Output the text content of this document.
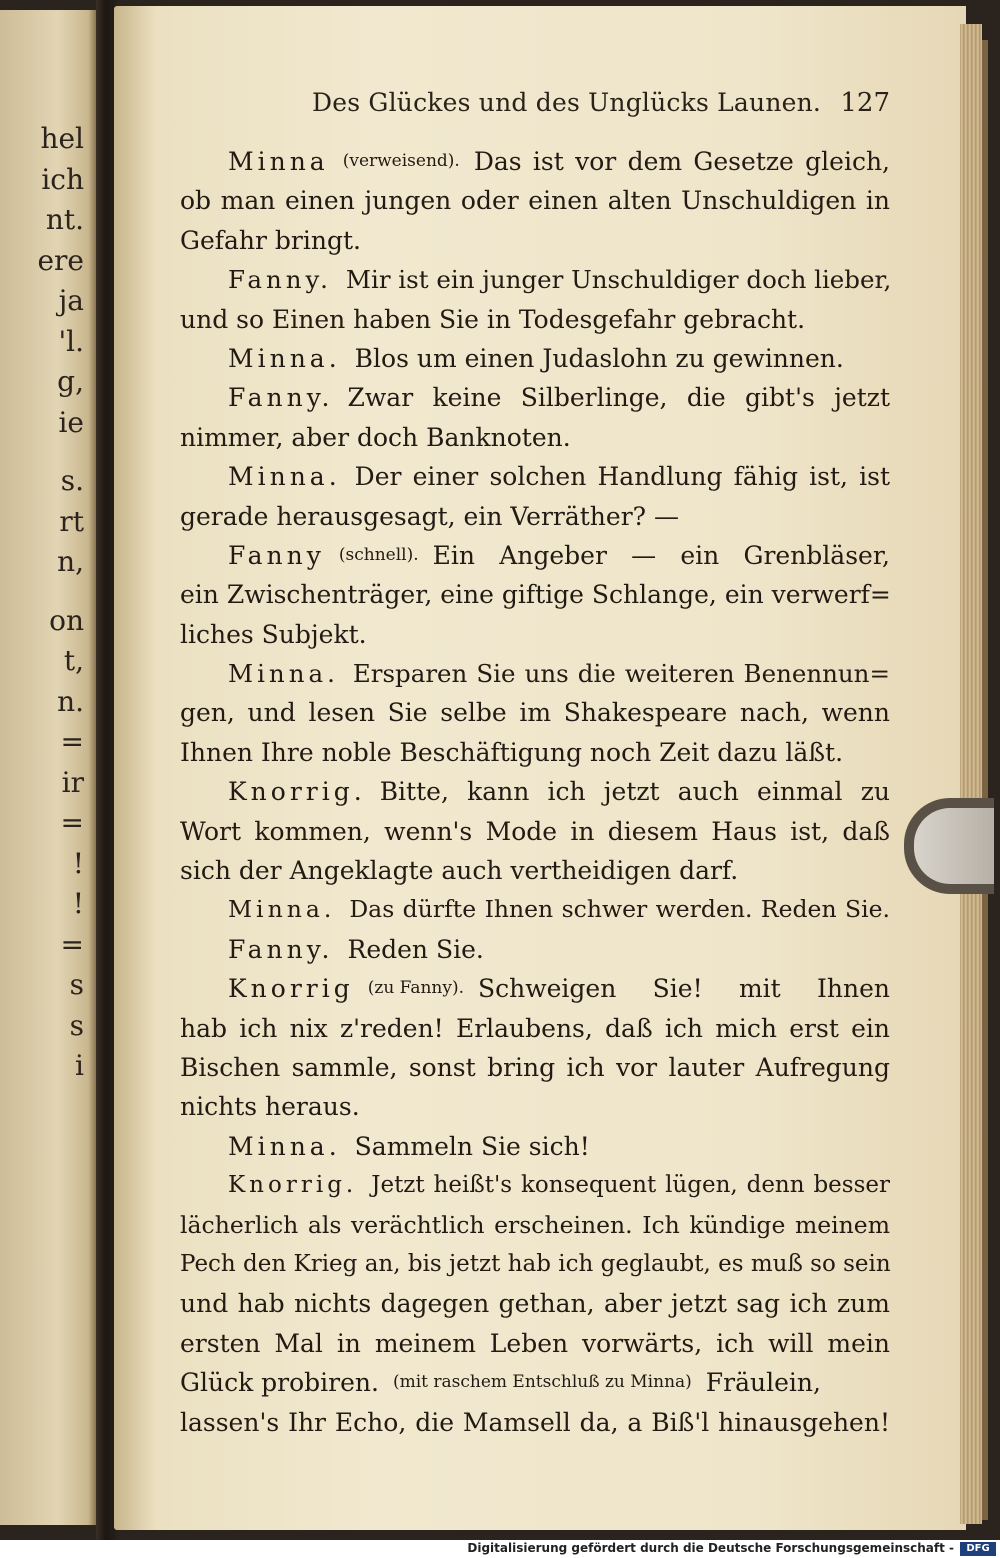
hel
ich
nt.
ere
ja
'l.
g,
ie
s.
rt
n,
on
t,
n.
=
ir
=
!
!
=
s
s
i
Des Glückes und des Unglücks Launen. 127
Minna (verweisend). Das ist vor dem Gesetze gleich,
ob man einen jungen oder einen alten Unschuldigen in
Gefahr bringt.
Fanny. Mir ist ein junger Unschuldiger doch lieber,
und so Einen haben Sie in Todesgefahr gebracht.
Minna. Blos um einen Judaslohn zu gewinnen.
Fanny. Zwar keine Silberlinge, die gibt's jetzt
nimmer, aber doch Banknoten.
Minna. Der einer solchen Handlung fähig ist, ist
gerade herausgesagt, ein Verräther? —
Fanny (schnell). Ein Angeber — ein Grenbläser,
ein Zwischenträger, eine giftige Schlange, ein verwerf=
liches Subjekt.
Minna. Ersparen Sie uns die weiteren Benennun=
gen, und lesen Sie selbe im Shakespeare nach, wenn
Ihnen Ihre noble Beschäftigung noch Zeit dazu läßt.
Knorrig. Bitte, kann ich jetzt auch einmal zu
Wort kommen, wenn's Mode in diesem Haus ist, daß
sich der Angeklagte auch vertheidigen darf.
Minna. Das dürfte Ihnen schwer werden. Reden Sie.
Fanny. Reden Sie.
Knorrig (zu Fanny). Schweigen Sie! mit Ihnen
hab ich nix z'reden! Erlaubens, daß ich mich erst ein
Bischen sammle, sonst bring ich vor lauter Aufregung
nichts heraus.
Minna. Sammeln Sie sich!
Knorrig. Jetzt heißt's konsequent lügen, denn besser
lächerlich als verächtlich erscheinen. Ich kündige meinem
Pech den Krieg an, bis jetzt hab ich geglaubt, es muß so sein
und hab nichts dagegen gethan, aber jetzt sag ich zum
ersten Mal in meinem Leben vorwärts, ich will mein
Glück probiren. (mit raschem Entschluß zu Minna) Fräulein,
lassen's Ihr Echo, die Mamsell da, a Biß'l hinausgehen!
Digitalisierung gefördert durch die Deutsche Forschungsgemeinschaft -	DFG
